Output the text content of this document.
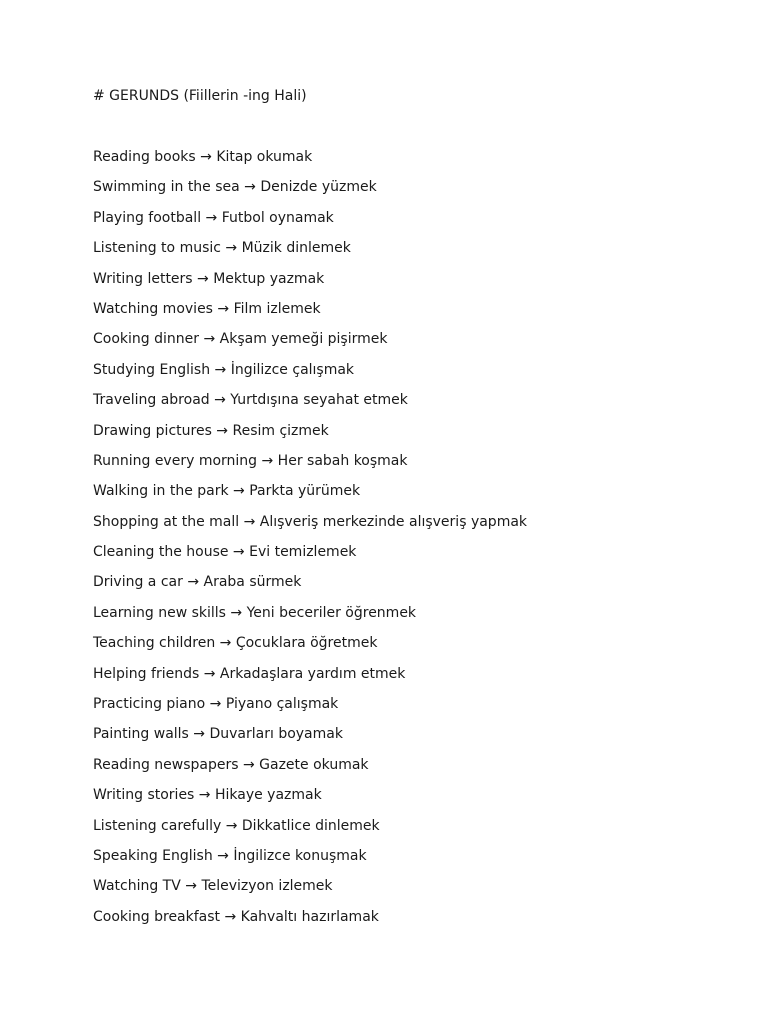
# GERUNDS (Fiillerin -ing Hali)
Reading books → Kitap okumak
Swimming in the sea → Denizde yüzmek
Playing football → Futbol oynamak
Listening to music → Müzik dinlemek
Writing letters → Mektup yazmak
Watching movies → Film izlemek
Cooking dinner → Akşam yemeği pişirmek
Studying English → İngilizce çalışmak
Traveling abroad → Yurtdışına seyahat etmek
Drawing pictures → Resim çizmek
Running every morning → Her sabah koşmak
Walking in the park → Parkta yürümek
Shopping at the mall → Alışveriş merkezinde alışveriş yapmak
Cleaning the house → Evi temizlemek
Driving a car → Araba sürmek
Learning new skills → Yeni beceriler öğrenmek
Teaching children → Çocuklara öğretmek
Helping friends → Arkadaşlara yardım etmek
Practicing piano → Piyano çalışmak
Painting walls → Duvarları boyamak
Reading newspapers → Gazete okumak
Writing stories → Hikaye yazmak
Listening carefully → Dikkatlice dinlemek
Speaking English → İngilizce konuşmak
Watching TV → Televizyon izlemek
Cooking breakfast → Kahvaltı hazırlamak
